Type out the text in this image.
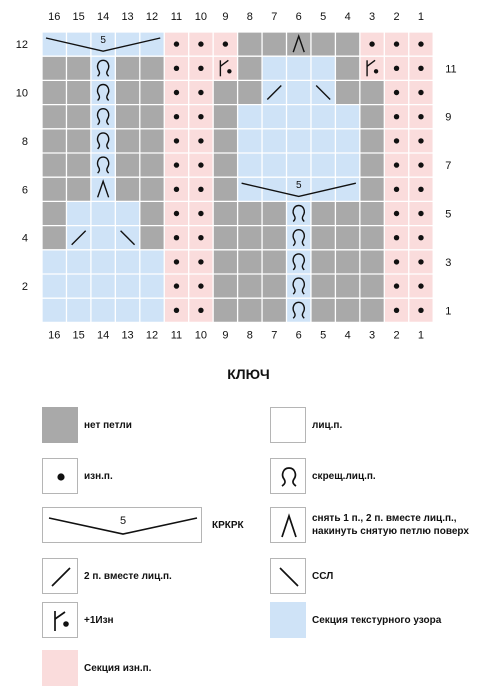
5
5
16
16
15
15
14
14
13
13
12
12
11
11
10
10
9
9
8
8
7
7
6
6
5
5
4
4
3
3
2
2
1
1
12
10
8
6
4
2
11
9
7
5
3
1
КЛЮЧ
нет петли	лиц.п.
изн.п.	скрещ.лиц.п.
5	КРКРК
снять 1 п., 2 п. вместе лиц.п.,
накинуть снятую петлю поверх
2 п. вместе лиц.п.	ССЛ
+1Изн	Секция текстурного узора
Секция изн.п.
